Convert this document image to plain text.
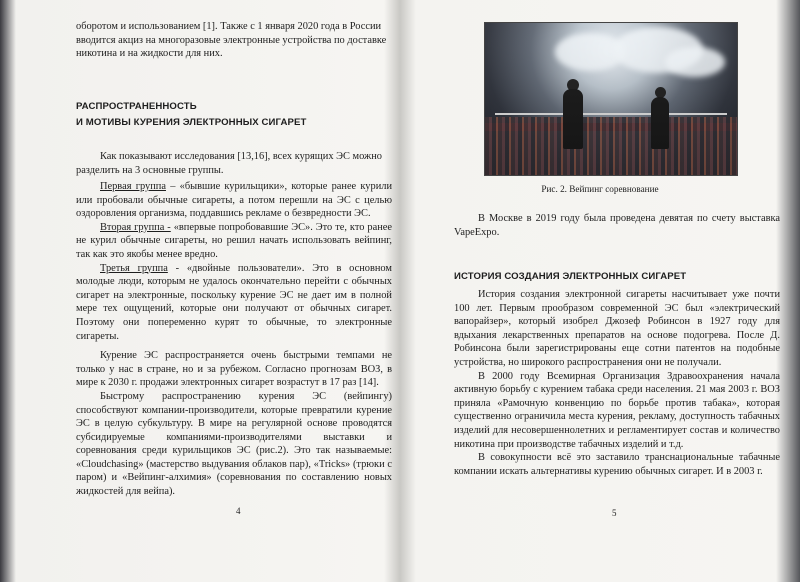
оборотом и использованием [1]. Также с 1 января 2020 года в России

вводится акциз на многоразовые электронные устройства по доставке

никотина и на жидкости для них.

РАСПРОСТРАНЕННОСТЬ
И МОТИВЫ КУРЕНИЯ ЭЛЕКТРОННЫХ СИГАРЕТ

Как показывают исследования [13,16], всех курящих ЭС можно

разделить на 3 основные группы.

Первая группа – «бывшие курильщики», которые ранее курили или пробовали обычные сигареты, а потом перешли на ЭС с целью оздоровления организма, поддавшись рекламе о безвредности ЭС.

Вторая группа - «впервые попробовавшие ЭС». Это те, кто ранее не курил обычные сигареты, но решил начать использовать вейпинг, так как это якобы менее вредно.

Третья группа - «двойные пользователи». Это в основном молодые люди, которым не удалось окончательно перейти с обычных сигарет на электронные, поскольку курение ЭС не дает им в полной мере тех ощущений, которые они получают от обычных сигарет. Поэтому они попеременно курят то обычные, то электронные сигареты.

Курение ЭС распространяется очень быстрыми темпами не только у нас в стране, но и за рубежом. Согласно прогнозам ВОЗ, в мире к 2030 г. продажи электронных сигарет возрастут в 17 раз [14].

Быстрому распространению курения ЭС (вейпингу) способствуют компании-производители, которые превратили курение ЭС в целую субкультуру. В мире на регулярной основе проводятся субсидируемые компаниями-производителями выставки и соревнования среди курильщиков ЭС (рис.2). Это так называемые: «Cloudchasing» (мастерство выдувания облаков пар), «Tricks» (трюки с паром) и «Вейпинг-алхимия» (соревнования по составлению новых жидкостей для вейпа).

4
Рис. 2. Вейпинг соревнование

В Москве в 2019 году была проведена девятая по счету выставка VapeExpo.

ИСТОРИЯ СОЗДАНИЯ ЭЛЕКТРОННЫХ СИГАРЕТ

История создания электронной сигареты насчитывает уже почти 100 лет. Первым прообразом современной ЭС был «электрический вапорайзер», который изобрел Джозеф Робинсон в 1927 году для вдыхания лекарственных препаратов на основе подогрева. После Д. Робинсона были зарегистрированы еще сотни патентов на подобные устройства, но широкого распространения они не получали.

В 2000 году Всемирная Организация Здравоохранения начала активную борьбу с курением табака среди населения. 21 мая 2003 г. ВОЗ приняла «Рамочную конвенцию по борьбе против табака», которая существенно ограничила места курения, рекламу, доступность табачных изделий для несовершеннолетних и регламентирует состав и количество никотина при производстве табачных изделий и т.д.

В совокупности всё это заставило транснациональные табачные компании искать альтернативы курению обычных сигарет. И в 2003 г.

5
